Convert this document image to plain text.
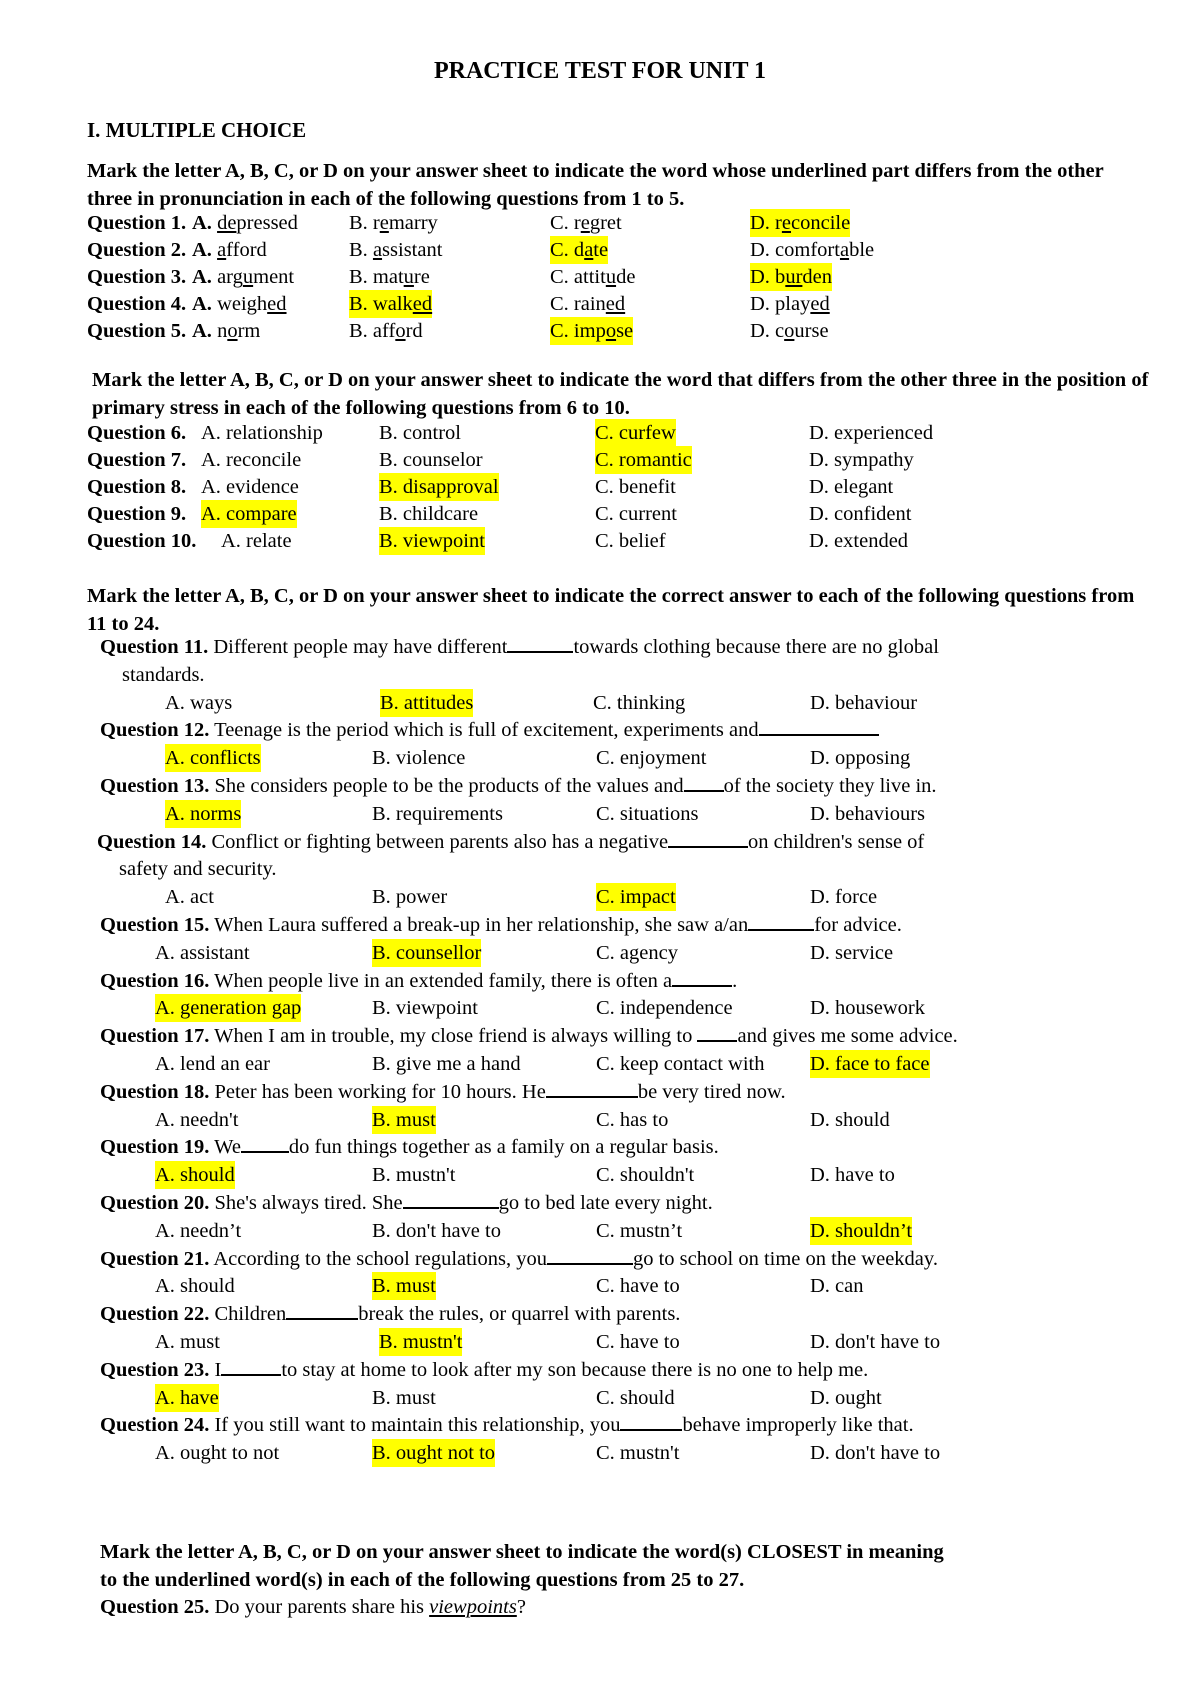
PRACTICE TEST FOR UNIT 1
I. MULTIPLE CHOICE
Mark the letter A, B, C, or D on your answer sheet to indicate the word whose underlined part differs from the other three in pronunciation in each of the following questions from 1 to 5.
Question 1. A. depressed B. remarry	C. regret	D. reconcile
Question 2. A. afford	B. assistant	C. date	D. comfortable
Question 3. A. argument	B. mature	C. attitude	D. burden
Question 4. A. weighed	B. walked	C. rained	D. played
Question 5. A. norm	B. afford	C. impose	D. course
Mark the letter A, B, C, or D on your answer sheet to indicate the word that differs from the other three in the position of primary stress in each of the following questions from 6 to 10.
Question 6. A. relationship	B. control	C. curfew	D. experienced
Question 7. A. reconcile	B. counselor	C. romantic	D. sympathy
Question 8. A. evidence	B. disapproval	C. benefit	D. elegant
Question 9. A. compare	B. childcare	C. current	D. confident
Question 10. A. relate	B. viewpoint	C. belief	D. extended
Mark the letter A, B, C, or D on your answer sheet to indicate the correct answer to each of the following questions from 11 to 24.
Question 11. Different people may have different	towards clothing because there are no global
standards.
A. ways	B. attitudes	C. thinking	D. behaviour
Question 12. Teenage is the period which is full of excitement, experiments and
A. conflicts	B. violence	C. enjoyment	D. opposing
Question 13. She considers people to be the products of the values and of the society they live in.
A. norms	B. requirements	C. situations	D. behaviours
Question 14. Conflict or fighting between parents also has a negative	on children's sense of
safety and security.
A. act	B. power	C. impact	D. force
Question 15. When Laura suffered a break-up in her relationship, she saw a/an	for advice.
A. assistant	B. counsellor	C. agency	D. service
Question 16. When people live in an extended family, there is often a	.
A. generation gap	B. viewpoint	C. independence	D. housework
Question 17. When I am in trouble, my close friend is always willing to and gives me some advice.
A. lend an ear	B. give me a hand	C. keep contact with D. face to face
Question 18. Peter has been working for 10 hours. He	be very tired now.
A. needn't	B. must	C. has to	D. should
Question 19. We do fun things together as a family on a regular basis.
A. should	B. mustn't	C. shouldn't	D. have to
Question 20. She's always tired. She	go to bed late every night.
A. needn’t	B. don't have to	C. mustn’t	D. shouldn’t
Question 21. According to the school regulations, you	go to school on time on the weekday.
A. should	B. must	C. have to	D. can
Question 22. Children	break the rules, or quarrel with parents.
A. must	B. mustn't	C. have to	D. don't have to
Question 23. I	to stay at home to look after my son because there is no one to help me.
A. have	B. must	C. should	D. ought
Question 24. If you still want to maintain this relationship, you	behave improperly like that.
A. ought to not	B. ought not to	C. mustn't	D. don't have to
Mark the letter A, B, C, or D on your answer sheet to indicate the word(s) CLOSEST in meaning
to the underlined word(s) in each of the following questions from 25 to 27.
Question 25. Do your parents share his viewpoints?
